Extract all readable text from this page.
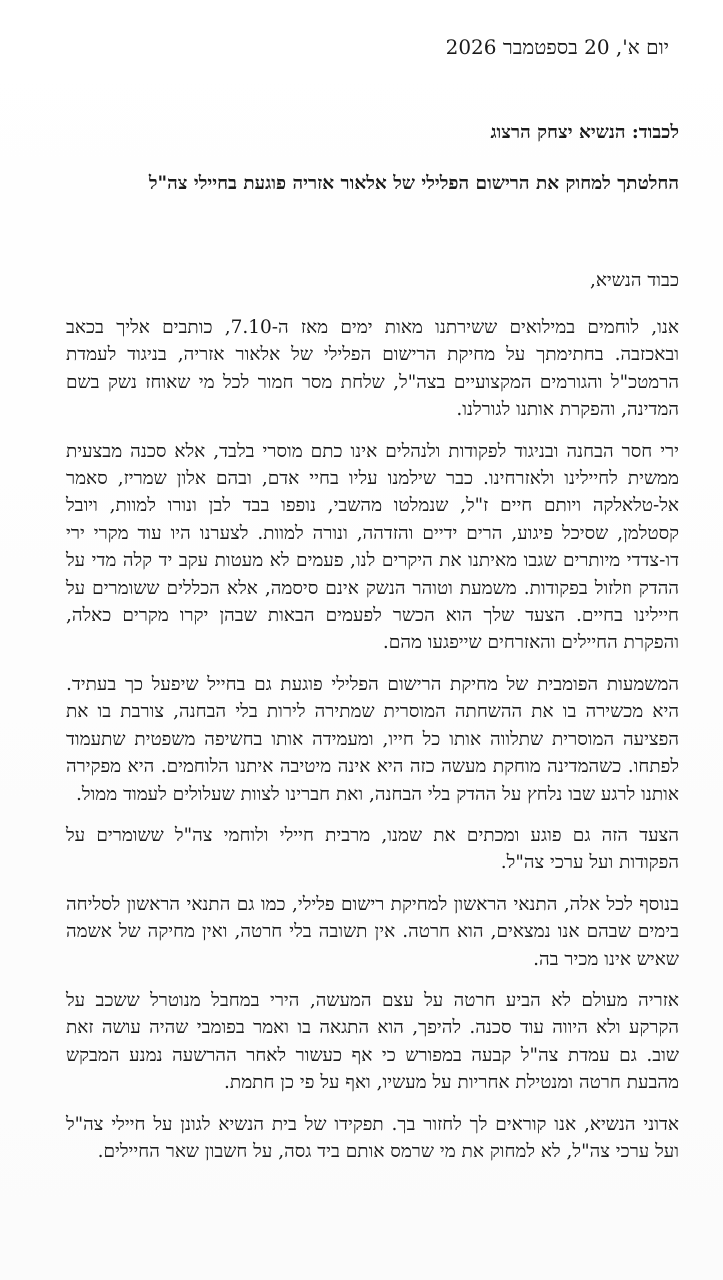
יום א', 20 בספטמבר 2026
לכבוד: הנשיא יצחק הרצוג
החלטתך למחוק את הרישום הפלילי של אלאור אזריה פוגעת בחיילי צה"ל
כבוד הנשיא,

אנו, לוחמים במילואים ששירתנו מאות ימים מאז ה-7.10, כותבים אליך בכאב ובאכזבה. בחתימתך על מחיקת הרישום הפלילי של אלאור אזריה, בניגוד לעמדת הרמטכ"ל והגורמים המקצועיים בצה"ל, שלחת מסר חמור לכל מי שאוחז נשק בשם המדינה, והפקרת אותנו לגורלנו.

ירי חסר הבחנה ובניגוד לפקודות ולנהלים אינו כתם מוסרי בלבד, אלא סכנה מבצעית ממשית לחיילינו ולאזרחינו. כבר שילמנו עליו בחיי אדם, ובהם אלון שמריז, סאמר אל-טלאלקה ויותם חיים ז"ל, שנמלטו מהשבי, נופפו בבד לבן ונורו למוות, ויובל קסטלמן, שסיכל פיגוע, הרים ידיים והזדהה, ונורה למוות. לצערנו היו עוד מקרי ירי דו-צדדי מיותרים שגבו מאיתנו את היקרים לנו, פעמים לא מעטות עקב יד קלה מדי על ההדק וזלזול בפקודות. משמעת וטוהר הנשק אינם סיסמה, אלא הכללים ששומרים על חיילינו בחיים. הצעד שלך הוא הכשר לפעמים הבאות שבהן יקרו מקרים כאלה, והפקרת החיילים והאזרחים שייפגעו מהם.

המשמעות הפומבית של מחיקת הרישום הפלילי פוגעת גם בחייל שיפעל כך בעתיד. היא מכשירה בו את ההשחתה המוסרית שמתירה לירות בלי הבחנה, צורבת בו את הפציעה המוסרית שתלווה אותו כל חייו, ומעמידה אותו בחשיפה משפטית שתעמוד לפתחו. כשהמדינה מוחקת מעשה כזה היא אינה מיטיבה איתנו הלוחמים. היא מפקירה אותנו לרגע שבו נלחץ על ההדק בלי הבחנה, ואת חברינו לצוות שעלולים לעמוד ממול.

הצעד הזה גם פוגע ומכתים את שמנו, מרבית חיילי ולוחמי צה"ל ששומרים על הפקודות ועל ערכי צה"ל.

בנוסף לכל אלה, התנאי הראשון למחיקת רישום פלילי, כמו גם התנאי הראשון לסליחה בימים שבהם אנו נמצאים, הוא חרטה. אין תשובה בלי חרטה, ואין מחיקה של אשמה שאיש אינו מכיר בה.

אזריה מעולם לא הביע חרטה על עצם המעשה, הירי במחבל מנוטרל ששכב על הקרקע ולא היווה עוד סכנה. להיפך, הוא התגאה בו ואמר בפומבי שהיה עושה זאת שוב. גם עמדת צה"ל קבעה במפורש כי אף כעשור לאחר ההרשעה נמנע המבקש מהבעת חרטה ומנטילת אחריות על מעשיו, ואף על פי כן חתמת.

אדוני הנשיא, אנו קוראים לך לחזור בך. תפקידו של בית הנשיא לגונן על חיילי צה"ל ועל ערכי צה"ל, לא למחוק את מי שרמס אותם ביד גסה, על חשבון שאר החיילים.
